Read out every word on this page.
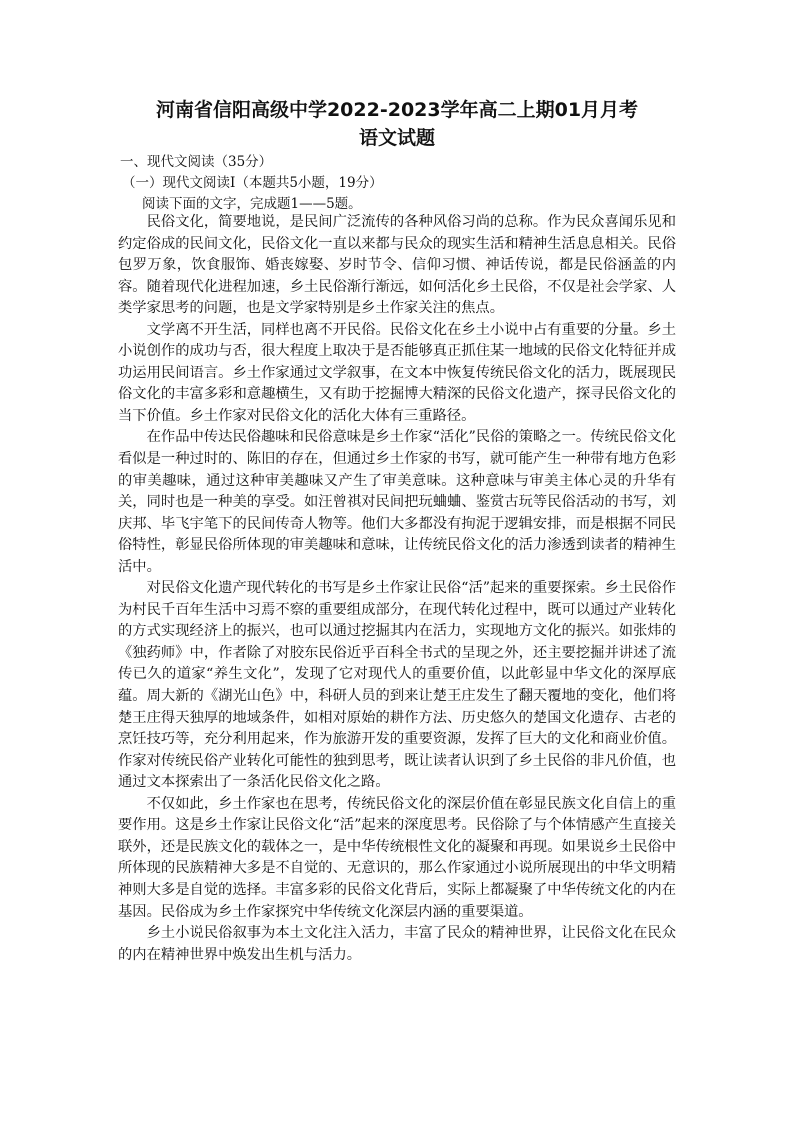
河南省信阳高级中学2022-2023学年高二上期01月月考
语文试题
一、现代文阅读（35分）
（一）现代文阅读Ⅰ（本题共5小题，19分）
阅读下面的文字，完成题1——5题。

民俗文化，简要地说，是民间广泛流传的各种风俗习尚的总称。作为民众喜闻乐见和约定俗成的民间文化，民俗文化一直以来都与民众的现实生活和精神生活息息相关。民俗包罗万象，饮食服饰、婚丧嫁娶、岁时节令、信仰习惯、神话传说，都是民俗涵盖的内容。随着现代化进程加速，乡土民俗渐行渐远，如何活化乡土民俗，不仅是社会学家、人类学家思考的问题，也是文学家特别是乡土作家关注的焦点。

文学离不开生活，同样也离不开民俗。民俗文化在乡土小说中占有重要的分量。乡土小说创作的成功与否，很大程度上取决于是否能够真正抓住某一地域的民俗文化特征并成功运用民间语言。乡土作家通过文学叙事，在文本中恢复传统民俗文化的活力，既展现民俗文化的丰富多彩和意趣横生，又有助于挖掘博大精深的民俗文化遗产，探寻民俗文化的当下价值。乡土作家对民俗文化的活化大体有三重路径。

在作品中传达民俗趣味和民俗意味是乡土作家“活化”民俗的策略之一。传统民俗文化看似是一种过时的、陈旧的存在，但通过乡土作家的书写，就可能产生一种带有地方色彩的审美趣味，通过这种审美趣味又产生了审美意味。这种意味与审美主体心灵的升华有关，同时也是一种美的享受。如汪曾祺对民间把玩蛐蛐、鉴赏古玩等民俗活动的书写，刘庆邦、毕飞宇笔下的民间传奇人物等。他们大多都没有拘泥于逻辑安排，而是根据不同民俗特性，彰显民俗所体现的审美趣味和意味，让传统民俗文化的活力渗透到读者的精神生活中。

对民俗文化遗产现代转化的书写是乡土作家让民俗“活”起来的重要探索。乡土民俗作为村民千百年生活中习焉不察的重要组成部分，在现代转化过程中，既可以通过产业转化的方式实现经济上的振兴，也可以通过挖掘其内在活力，实现地方文化的振兴。如张炜的《独药师》中，作者除了对胶东民俗近乎百科全书式的呈现之外，还主要挖掘并讲述了流传已久的道家“养生文化”，发现了它对现代人的重要价值，以此彰显中华文化的深厚底蕴。周大新的《湖光山色》中，科研人员的到来让楚王庄发生了翻天覆地的变化，他们将楚王庄得天独厚的地域条件，如相对原始的耕作方法、历史悠久的楚国文化遗存、古老的烹饪技巧等，充分利用起来，作为旅游开发的重要资源，发挥了巨大的文化和商业价值。作家对传统民俗产业转化可能性的独到思考，既让读者认识到了乡土民俗的非凡价值，也通过文本探索出了一条活化民俗文化之路。

不仅如此，乡土作家也在思考，传统民俗文化的深层价值在彰显民族文化自信上的重要作用。这是乡土作家让民俗文化“活”起来的深度思考。民俗除了与个体情感产生直接关联外，还是民族文化的载体之一，是中华传统根性文化的凝聚和再现。如果说乡土民俗中所体现的民族精神大多是不自觉的、无意识的，那么作家通过小说所展现出的中华文明精神则大多是自觉的选择。丰富多彩的民俗文化背后，实际上都凝聚了中华传统文化的内在基因。民俗成为乡土作家探究中华传统文化深层内涵的重要渠道。

乡土小说民俗叙事为本土文化注入活力，丰富了民众的精神世界，让民俗文化在民众的内在精神世界中焕发出生机与活力。
